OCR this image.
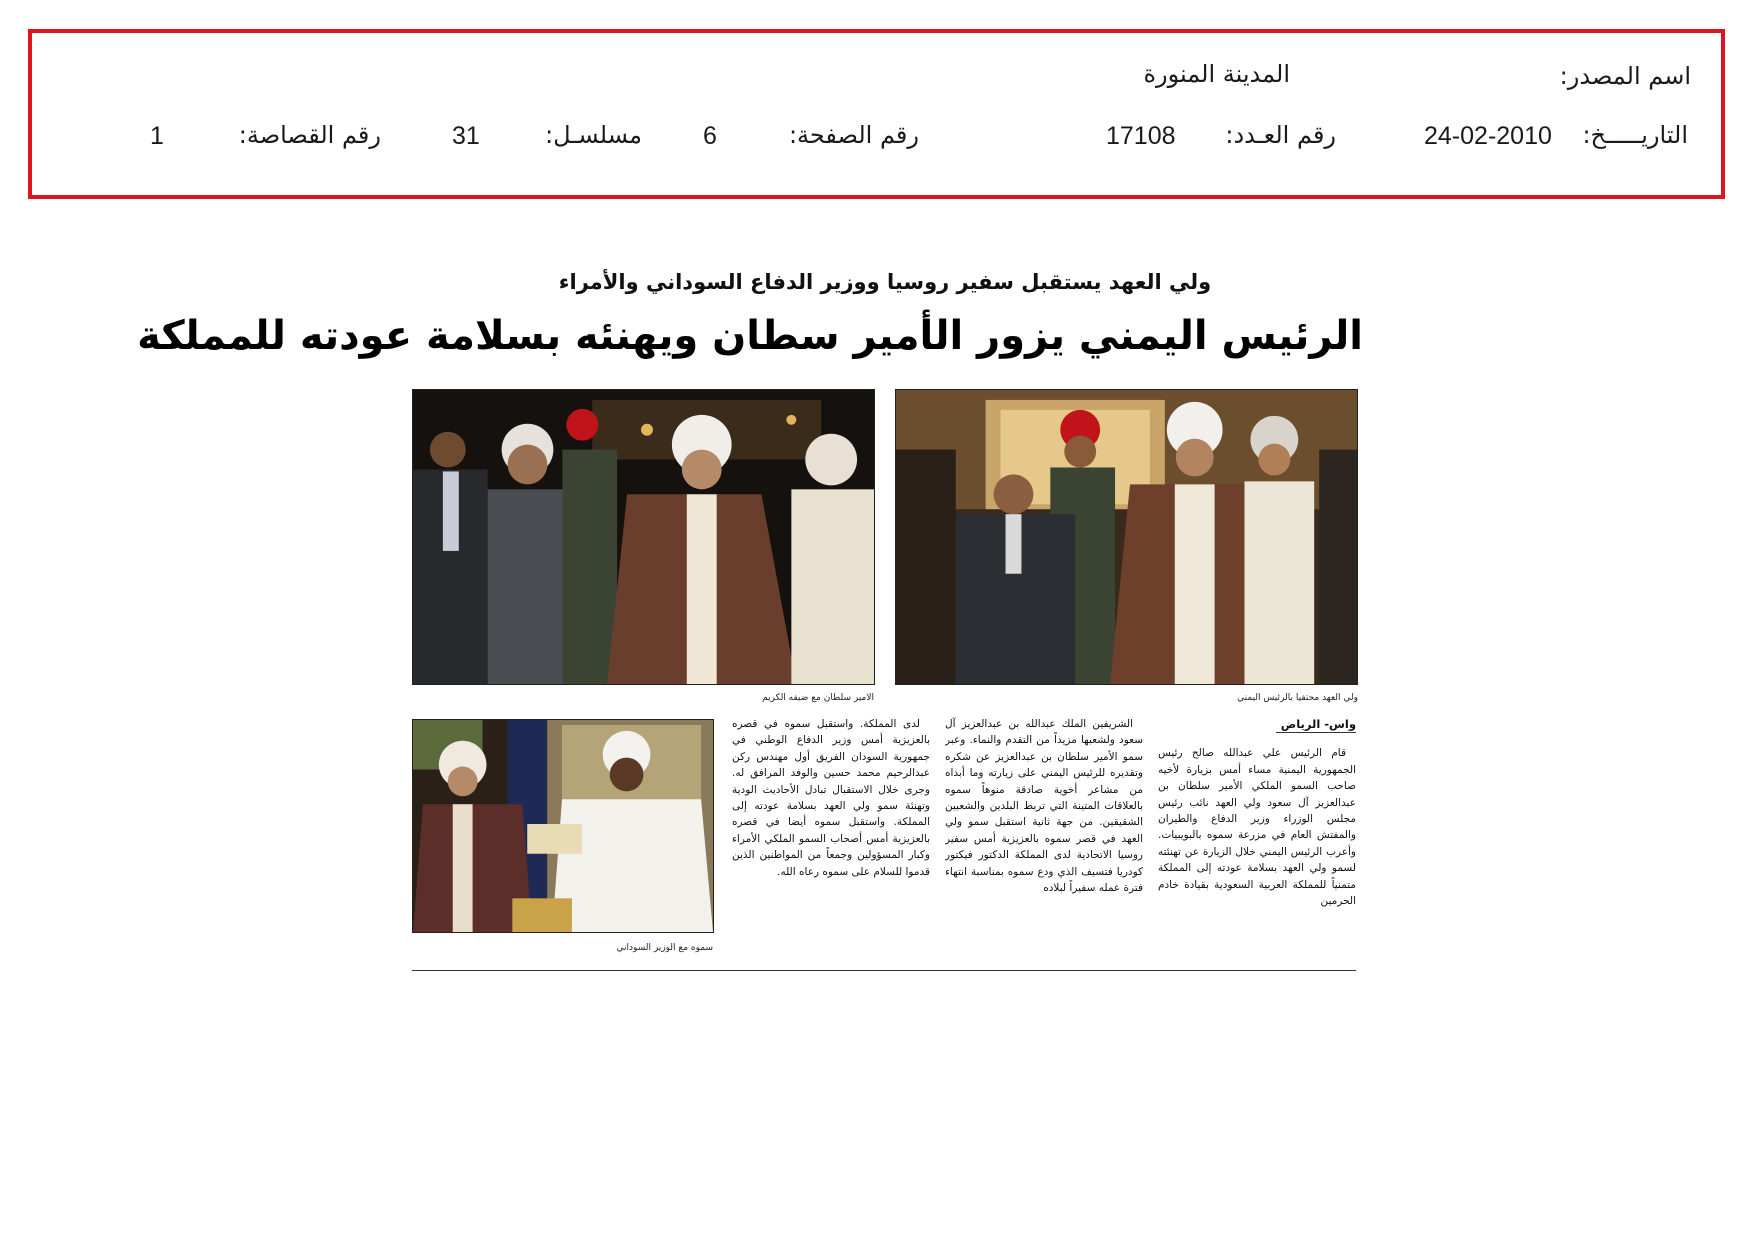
اسم المصدر:
المدينة المنورة
التاريـــــخ:
24-02-2010
رقم العـدد:
17108
رقم الصفحة:
6
مسلسـل:
31
رقم القصاصة:
1
ولي العهد يستقبل سفير روسيا ووزير الدفاع السوداني والأمراء
الرئيس اليمني يزور الأمير سطان ويهنئه بسلامة عودته للمملكة
ولي العهد محتفيا بالرئيس اليمني
الامير سلطان مع ضيفه الكريم
سموه مع الوزير السوداني
واس- الرياض

قام الرئيس علي عبدالله صالح رئيس الجمهورية اليمنية مساء أمس بزيارة لأخيه صاحب السمو الملكي الأمير سلطان بن عبدالعزيز آل سعود ولي العهد نائب رئيس مجلس الوزراء وزير الدفاع والطيران والمفتش العام في مزرعة سموه بالبويبيات. وأعرب الرئيس اليمني خلال الزيارة عن تهنئته لسمو ولي العهد بسلامة عودته إلى المملكة متمنياً للمملكة العربية السعودية بقيادة خادم الحرمين

الشريفين الملك عبدالله بن عبدالعزيز آل سعود ولشعبها مزيداً من التقدم والنماء. وعبر سمو الأمير سلطان بن عبدالعزيز عن شكره وتقديره للرئيس اليمني على زيارته وما أبداه من مشاعر أخوية صادقة منوهاً سموه بالعلاقات المتينة التي تربط البلدين والشعبين الشقيقين. من جهة ثانية استقبل سمو ولي العهد في قصر سموه بالعزيزية أمس سفير روسيا الاتحادية لدى المملكة الدكتور فيكتور كودريا فتسيف الذي ودع سموه بمناسبة انتهاء فترة عمله سفيراً لبلاده

لدى المملكة. واستقبل سموه في قصره بالعزيزية أمس وزير الدفاع الوطني في جمهورية السودان الفريق أول مهندس ركن عبدالرحيم محمد حسين والوفد المرافق له. وجرى خلال الاستقبال تبادل الأحاديث الودية وتهنئة سمو ولي العهد بسلامة عودته إلى المملكة. واستقبل سموه أيضا في قصره بالعزيزية أمس أصحاب السمو الملكي الأمراء وكبار المسؤولين وجمعاً من المواطنين الذين قدموا للسلام على سموه رعاه الله.
